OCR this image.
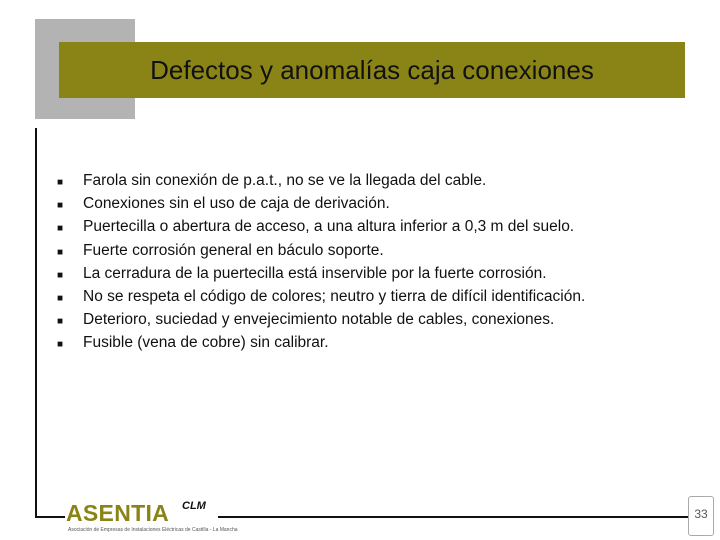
Defectos y anomalías caja conexiones
■ Farola sin conexión de p.a.t., no se ve la llegada del cable.
■ Conexiones sin el uso de caja de derivación.
■ Puertecilla o abertura de acceso, a una altura inferior a 0,3 m del suelo.
■ Fuerte corrosión general en báculo soporte.
■ La cerradura de la puertecilla está inservible por la fuerte corrosión.
■ No se respeta el código de colores; neutro y tierra de difícil identificación.
■ Deterioro, suciedad y envejecimiento notable de cables, conexiones.
■ Fusible (vena de cobre) sin calibrar.
ASENTIA CLM
Asociación de Empresas de Instalaciones Eléctricas de Castilla - La Mancha
33
